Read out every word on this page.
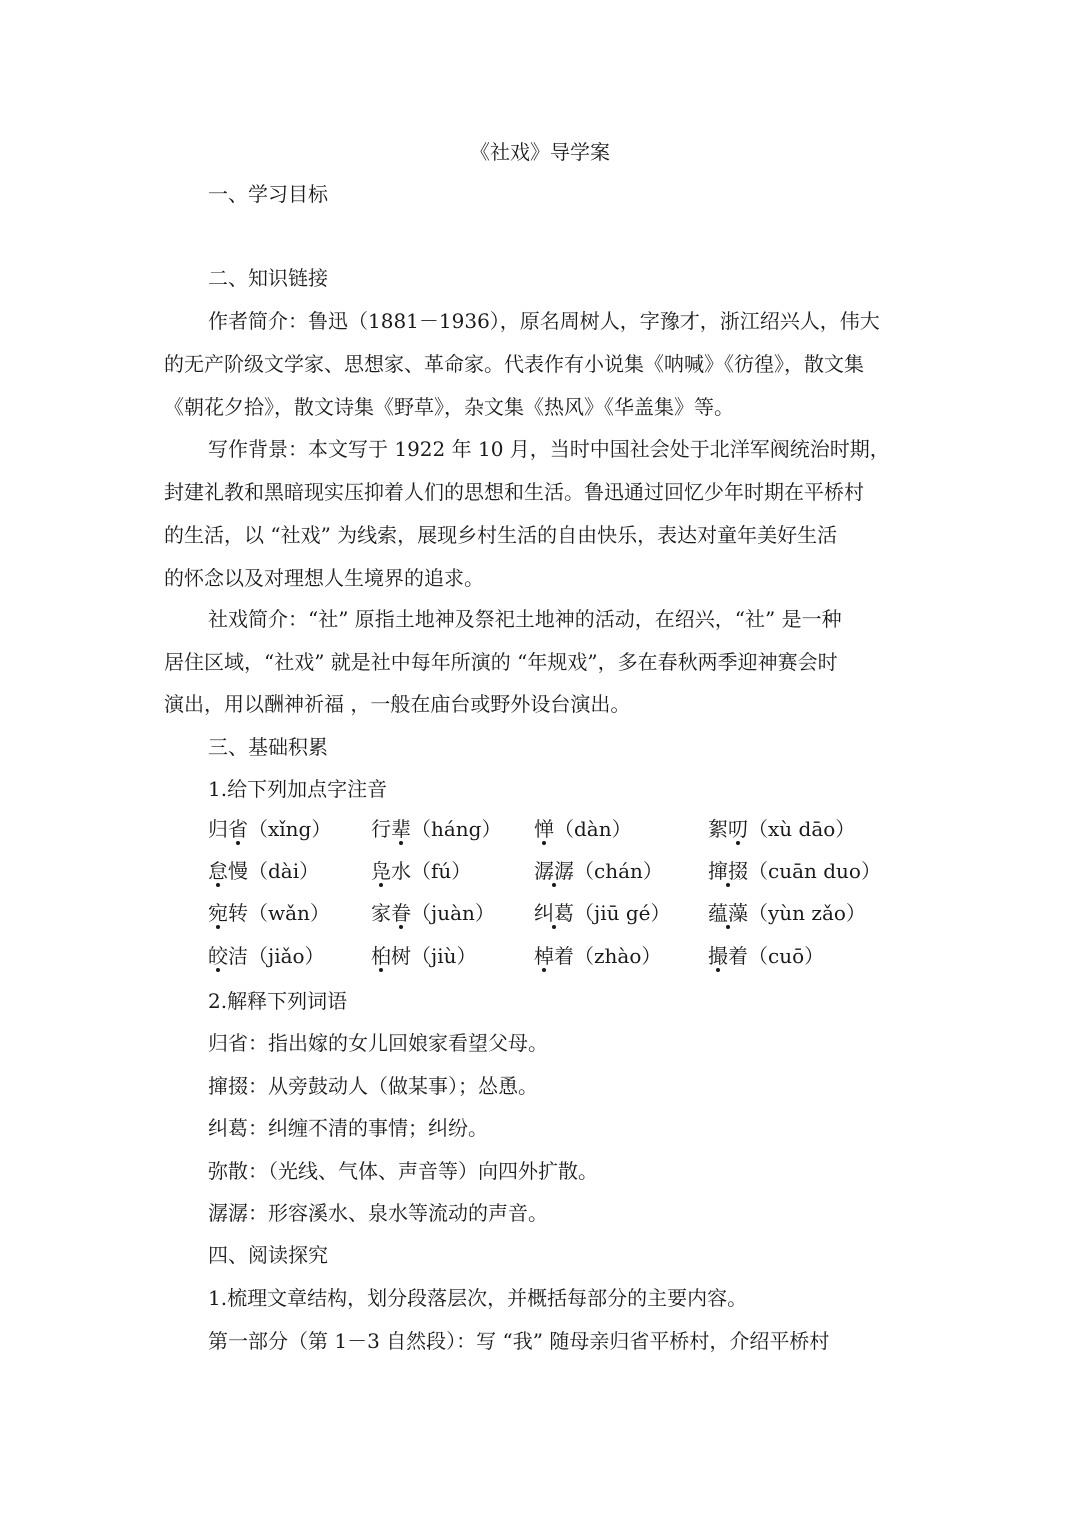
《社戏》导学案
一、学习目标
二、知识链接
作者简介：鲁迅（1881－1936），原名周树人，字豫才，浙江绍兴人，伟大
的无产阶级文学家、思想家、革命家。代表作有小说集《呐喊》《彷徨》，散文集
《朝花夕拾》，散文诗集《野草》，杂文集《热风》《华盖集》等。
写作背景：本文写于 1922 年 10 月，当时中国社会处于北洋军阀统治时期，
封建礼教和黑暗现实压抑着人们的思想和生活。鲁迅通过回忆少年时期在平桥村
的生活，以 “社戏” 为线索，展现乡村生活的自由快乐，表达对童年美好生活
的怀念以及对理想人生境界的追求。
社戏简介：“社” 原指土地神及祭祀土地神的活动，在绍兴，“社” 是一种
居住区域，“社戏” 就是社中每年所演的 “年规戏”，多在春秋两季迎神赛会时
演出，用以酬神祈福 ，一般在庙台或野外设台演出。
三、基础积累
1.给下列加点字注音
归省（xǐng） 行辈（háng） 惮（dàn）	絮叨（xù dāo）
怠慢（dài）	凫水（fú）	潺潺（chán） 撺掇（cuān duo）
宛转（wǎn） 家眷（juàn） 纠葛（jiū gé） 蕴藻（yùn zǎo）
皎洁（jiǎo） 桕树（jiù）	棹着（zhào） 撮着（cuō）
2.解释下列词语
归省：指出嫁的女儿回娘家看望父母。
撺掇：从旁鼓动人（做某事）；怂恿。
纠葛：纠缠不清的事情；纠纷。
弥散：（光线、气体、声音等）向四外扩散。
潺潺：形容溪水、泉水等流动的声音。
四、阅读探究
1.梳理文章结构，划分段落层次，并概括每部分的主要内容。
第一部分（第 1－3 自然段）：写 “我” 随母亲归省平桥村，介绍平桥村
